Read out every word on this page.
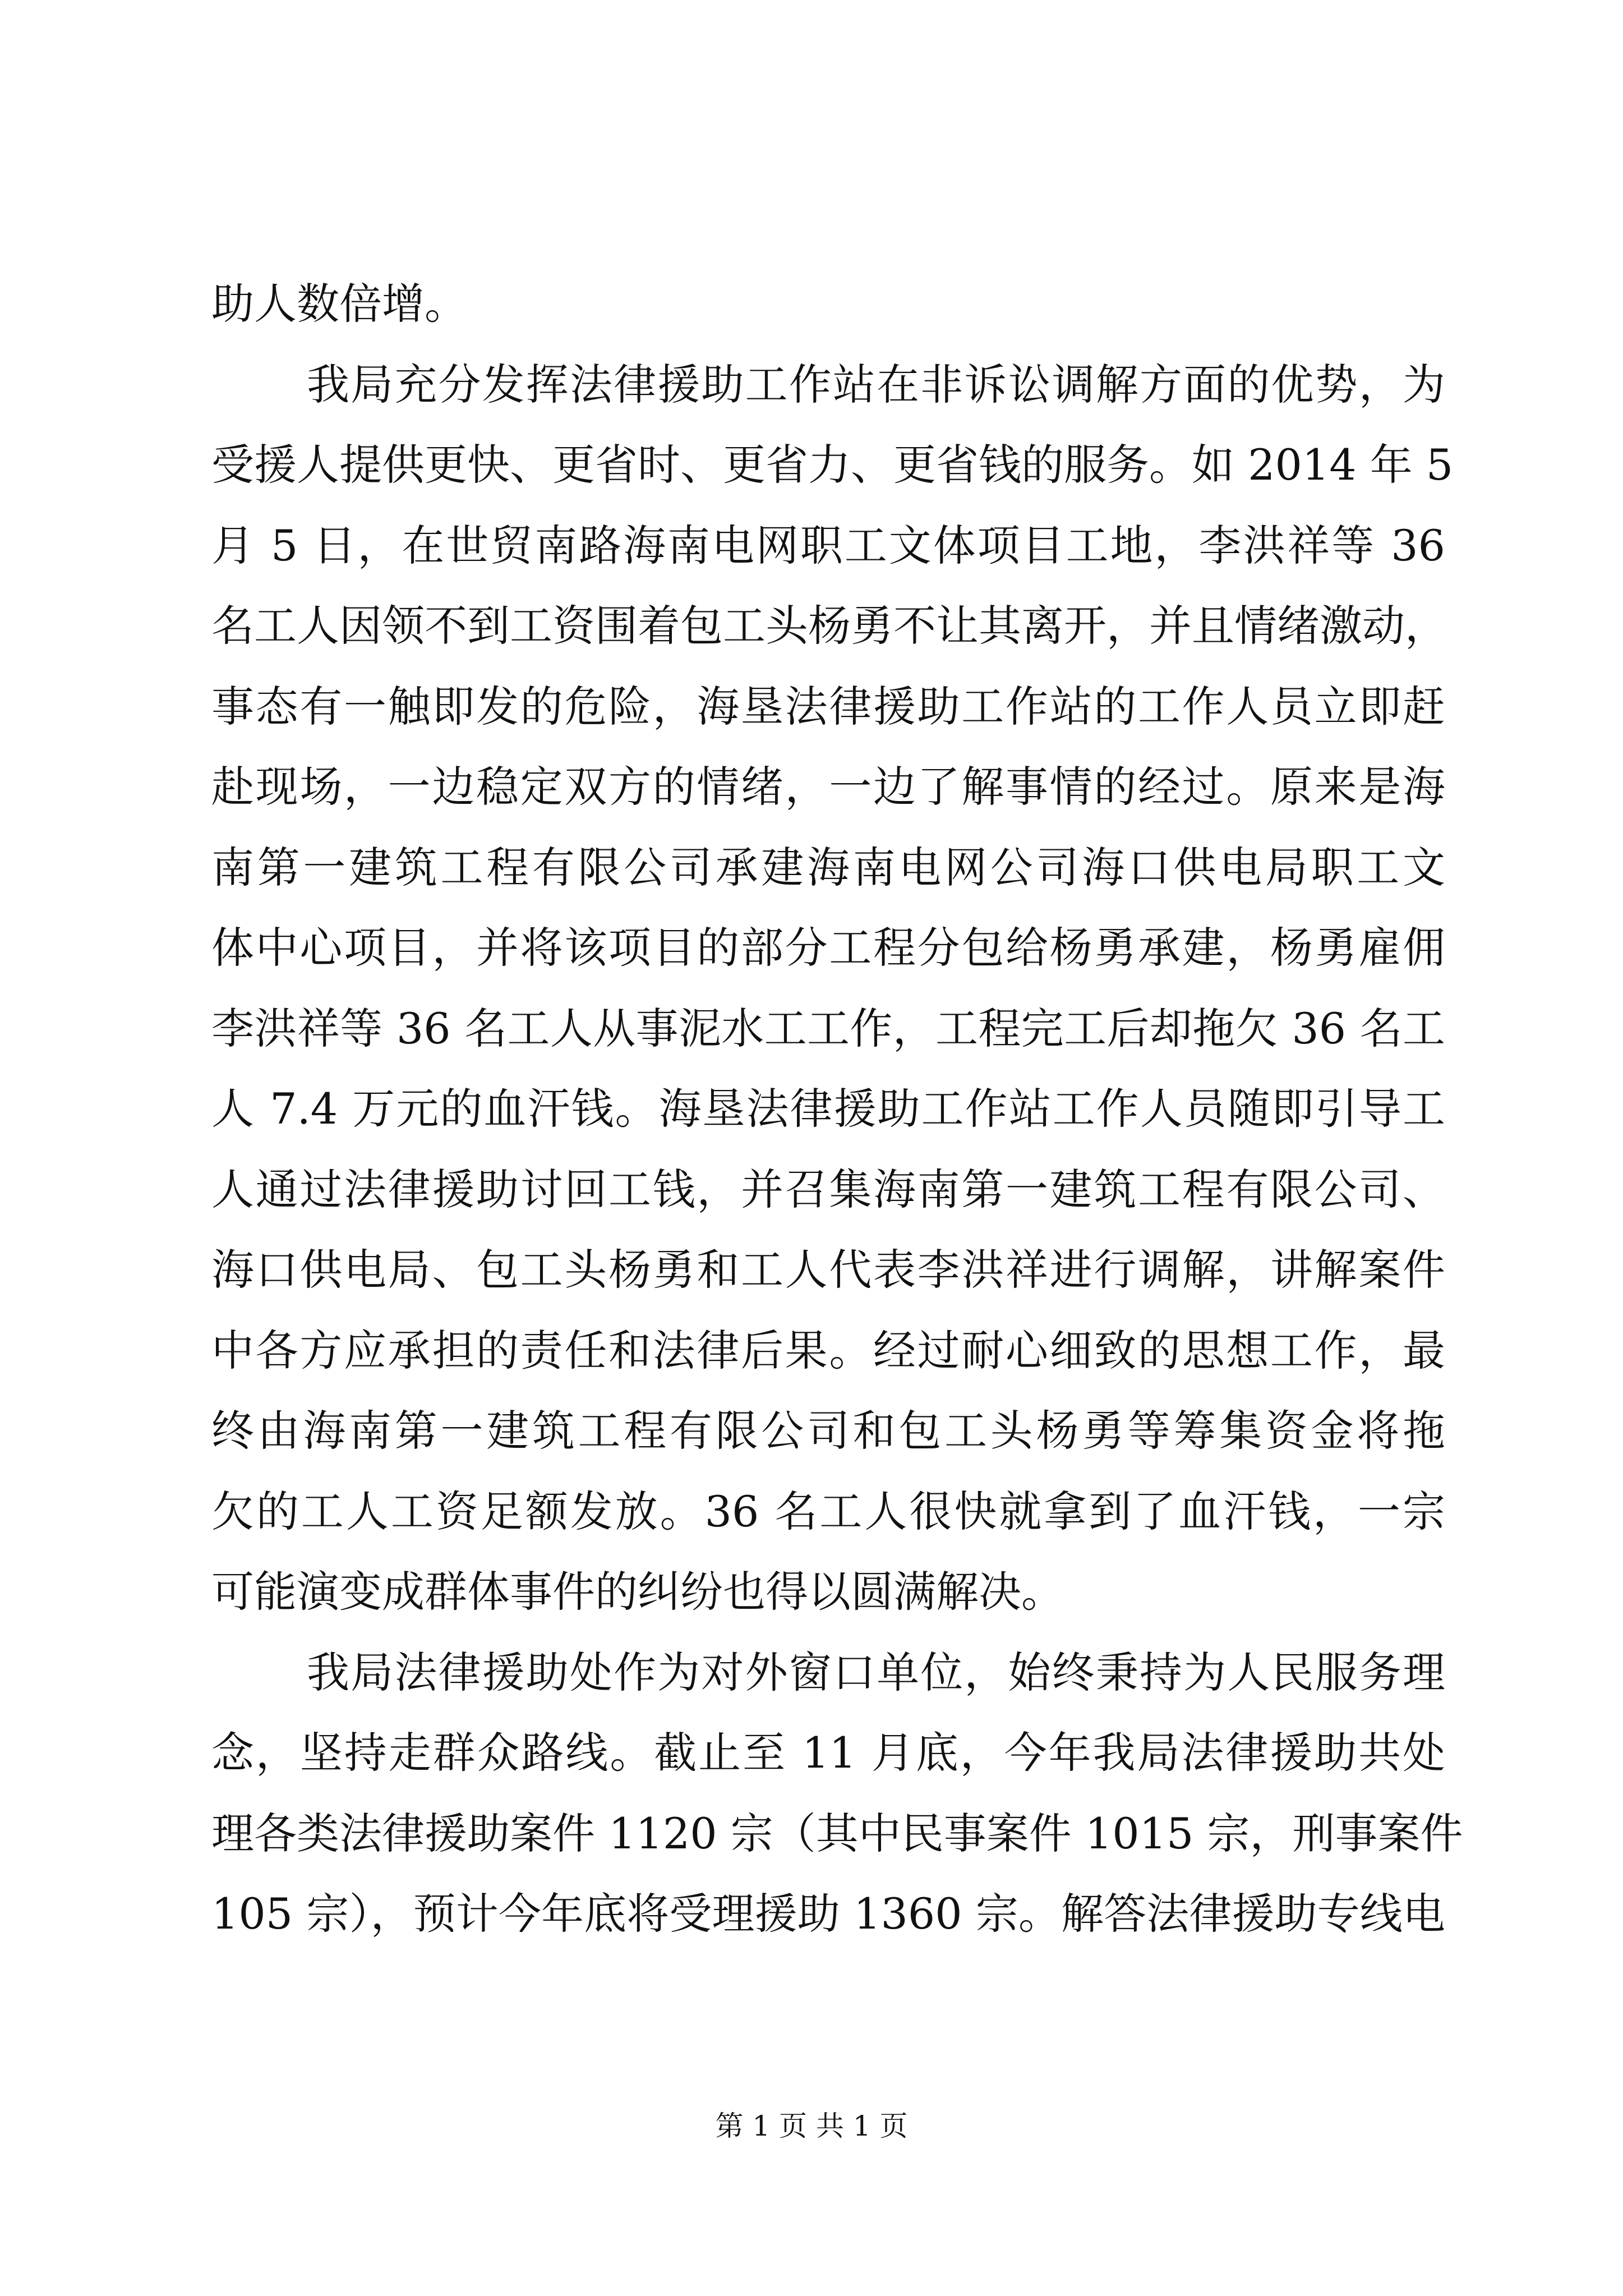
助人数倍增。
我局充分发挥法律援助工作站在非诉讼调解方面的优势，为
受援人提供更快、更省时、更省力、更省钱的服务。如 2014 年 5
月 5 日，在世贸南路海南电网职工文体项目工地，李洪祥等 36
名工人因领不到工资围着包工头杨勇不让其离开，并且情绪激动，
事态有一触即发的危险，海垦法律援助工作站的工作人员立即赶
赴现场，一边稳定双方的情绪，一边了解事情的经过。原来是海
南第一建筑工程有限公司承建海南电网公司海口供电局职工文
体中心项目，并将该项目的部分工程分包给杨勇承建，杨勇雇佣
李洪祥等 36 名工人从事泥水工工作，工程完工后却拖欠 36 名工
人 7.4 万元的血汗钱。海垦法律援助工作站工作人员随即引导工
人通过法律援助讨回工钱，并召集海南第一建筑工程有限公司、
海口供电局、包工头杨勇和工人代表李洪祥进行调解，讲解案件
中各方应承担的责任和法律后果。经过耐心细致的思想工作，最
终由海南第一建筑工程有限公司和包工头杨勇等筹集资金将拖
欠的工人工资足额发放。36 名工人很快就拿到了血汗钱，一宗
可能演变成群体事件的纠纷也得以圆满解决。
我局法律援助处作为对外窗口单位，始终秉持为人民服务理
念，坚持走群众路线。截止至 11 月底，今年我局法律援助共处
理各类法律援助案件 1120 宗（其中民事案件 1015 宗，刑事案件
105 宗），预计今年底将受理援助 1360 宗。解答法律援助专线电
第 1 页 共 1 页
